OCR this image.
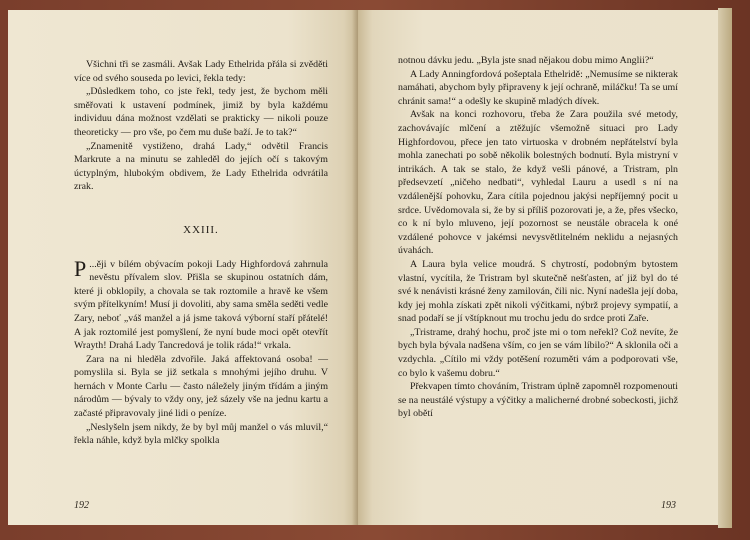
Všichni tři se zasmáli. Avšak Lady Ethelrida přála si zvěděti více od svého souseda po levici, řekla tedy:

„Důsledkem toho, co jste řekl, tedy jest, že bychom měli směřovati k ustavení podmínek, jimiž by byla každému individuu dána možnost vzdělati se prakticky — nikoli pouze theoreticky — pro vše, po čem mu duše baží. Je to tak?“

„Znamenitě vystiženo, drahá Lady,“ odvětil Francis Markrute a na minutu se zahleděl do jejích očí s takovým úctyplným, hlubokým obdivem, že Lady Ethelrida odvrátila zrak.

XXIII.

P ...ěji v bílém obývacím pokoji Lady Highfordová zahrnula nevěstu přívalem slov. Přišla se skupinou ostatních dám, které ji obklopily, a chovala se tak roztomile a hravě ke všem svým přítelkyním! Musí ji dovoliti, aby sama směla seděti vedle Zary, neboť „váš manžel a já jsme taková výborní staří přátelé! A jak roztomilé jest pomyšlení, že nyní bude moci opět otevřít Wrayth! Drahá Lady Tancredová je tolik ráda!“ vrkala.

Zara na ni hleděla zdvořile. Jaká affektovaná osoba! — pomyslila si. Byla se již setkala s mnohými jejího druhu. V hernách v Monte Carlu — často náležely jiným třídám a jiným národům — bývaly to vždy ony, jež sázely vše na jednu kartu a začasté připravovaly jiné lidi o peníze.

„Neslyšeln jsem nikdy, že by byl můj manžel o vás mluvil,“ řekla náhle, když byla mlčky spolkla

192

notnou dávku jedu. „Byla jste snad nějakou dobu mimo Anglii?“

A Lady Anningfordová pošeptala Ethelridě: „Nemusíme se nikterak namáhati, abychom byly připraveny k její ochraně, miláčku! Ta se umí chránit sama!“ a odešly ke skupině mladých dívek.

Avšak na konci rozhovoru, třeba že Zara použila své metody, zachovávajíc mlčení a ztěžujíc všemožně situaci pro Lady Highfordovou, přece jen tato virtuoska v drobném nepřátelství byla mohla zanechati po sobě několik bolestných bodnutí. Byla mistryní v intrikách. A tak se stalo, že když vešli pánové, a Tristram, pln předsevzetí „ničeho nedbati“, vyhledal Lauru a usedl s ní na vzdálenější pohovku, Zara cítila pojednou jakýsi nepříjemný pocit u srdce. Uvědomovala si, že by si příliš pozorovati je, a že, přes všecko, co k ní bylo mluveno, její pozornost se neustále obracela k oné vzdálené pohovce v jakémsi nevysvětlitelném neklidu a nejasných úvahách.

A Laura byla velice moudrá. S chytrostí, podobným bytostem vlastní, vycítila, že Tristram byl skutečně nešťasten, ať již byl do té své k nenávisti krásné ženy zamilován, čili nic. Nyní nadešla její doba, kdy jej mohla získati zpět nikoli výčitkami, nýbrž projevy sympatií, a snad podaří se jí vštípknout mu trochu jedu do srdce proti Zaře.

„Tristrame, drahý hochu, proč jste mi o tom neřekl? Což nevíte, že bych byla bývala nadšena vším, co jen se vám líbilo?“ A sklonila oči a vzdychla. „Cítilo mi vždy potěšení rozuměti vám a podporovati vše, co bylo k vašemu dobru.“

Překvapen tímto chováním, Tristram úplně zapomněl rozpomenouti se na neustálé výstupy a výčitky a malicherné drobné sobeckosti, jichž byl obětí

193
